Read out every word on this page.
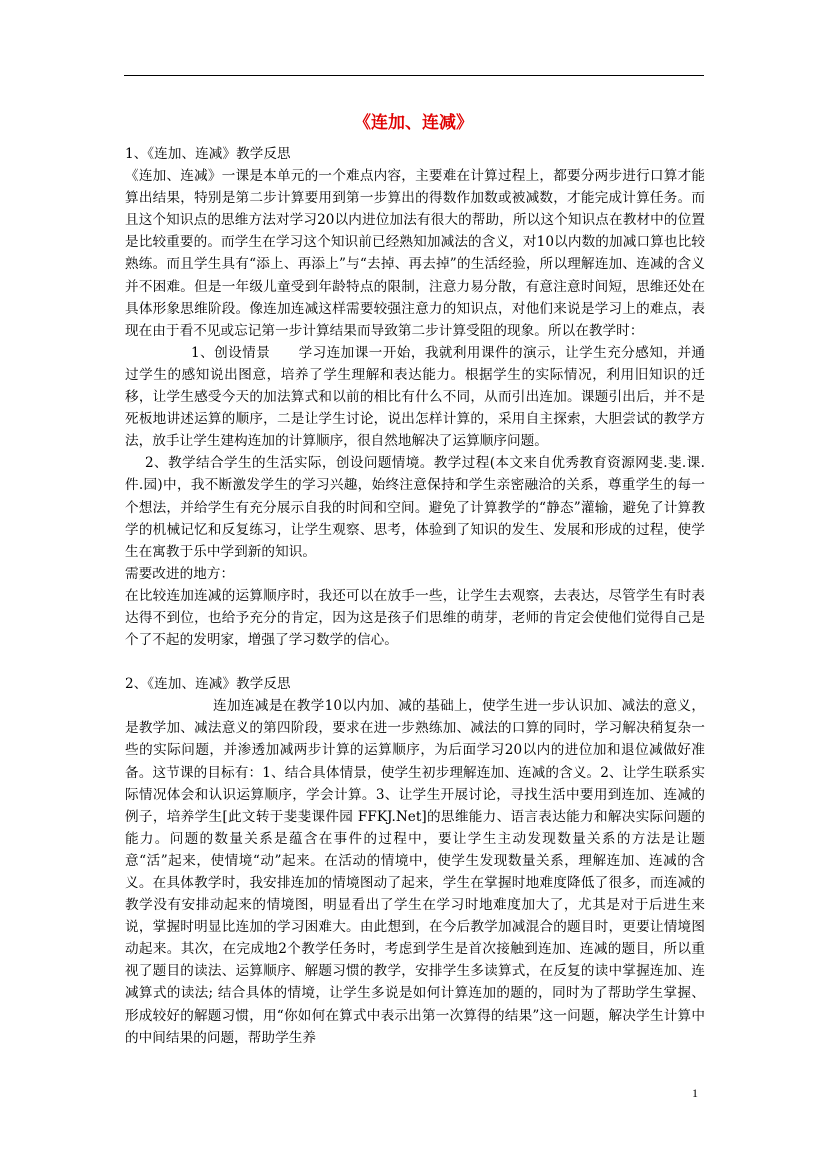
《连加、连减》

1、《连加、连减》教学反思

《连加、连减》一课是本单元的一个难点内容，主要难在计算过程上，都要分两步进行口算才能算出结果，特别是第二步计算要用到第一步算出的得数作加数或被减数，才能完成计算任务。而且这个知识点的思维方法对学习20以内进位加法有很大的帮助，所以这个知识点在教材中的位置是比较重要的。而学生在学习这个知识前已经熟知加减法的含义，对10以内数的加减口算也比较熟练。而且学生具有“添上、再添上”与“去掉、再去掉”的生活经验，所以理解连加、连减的含义并不困难。但是一年级儿童受到年龄特点的限制，注意力易分散，有意注意时间短，思维还处在具体形象思维阶段。像连加连减这样需要较强注意力的知识点，对他们来说是学习上的难点，表现在由于看不见或忘记第一步计算结果而导致第二步计算受阻的现象。所以在教学时：

1、创设情景 学习连加课一开始，我就利用课件的演示，让学生充分感知，并通过学生的感知说出图意，培养了学生理解和表达能力。根据学生的实际情况，利用旧知识的迁移，让学生感受今天的加法算式和以前的相比有什么不同，从而引出连加。课题引出后，并不是死板地讲述运算的顺序，二是让学生讨论，说出怎样计算的，采用自主探索，大胆尝试的教学方法，放手让学生建构连加的计算顺序，很自然地解决了运算顺序问题。

2、教学结合学生的生活实际，创设问题情境。教学过程(本文来自优秀教育资源网斐.斐.课.件.园)中，我不断激发学生的学习兴趣，始终注意保持和学生亲密融洽的关系，尊重学生的每一个想法，并给学生有充分展示自我的时间和空间。避免了计算教学的“静态”灌输，避免了计算教学的机械记忆和反复练习，让学生观察、思考，体验到了知识的发生、发展和形成的过程，使学生在寓教于乐中学到新的知识。

需要改进的地方：

在比较连加连减的运算顺序时，我还可以在放手一些，让学生去观察，去表达，尽管学生有时表达得不到位，也给予充分的肯定，因为这是孩子们思维的萌芽，老师的肯定会使他们觉得自己是个了不起的发明家，增强了学习数学的信心。

2、《连加、连减》教学反思

连加连减是在教学10以内加、减的基础上，使学生进一步认识加、减法的意义，是教学加、减法意义的第四阶段，要求在进一步熟练加、减法的口算的同时，学习解决稍复杂一些的实际问题，并渗透加减两步计算的运算顺序，为后面学习20以内的进位加和退位减做好准备。这节课的目标有：1、结合具体情景，使学生初步理解连加、连减的含义。2、让学生联系实际情况体会和认识运算顺序，学会计算。3、让学生开展讨论，寻找生活中要用到连加、连减的例子，培养学生[此文转于斐斐课件园 FFKJ.Net]的思维能力、语言表达能力和解决实际问题的能力。问题的数量关系是蕴含在事件的过程中，要让学生主动发现数量关系的方法是让题意“活”起来，使情境“动”起来。在活动的情境中，使学生发现数量关系，理解连加、连减的含义。在具体教学时，我安排连加的情境图动了起来，学生在掌握时地难度降低了很多，而连减的教学没有安排动起来的情境图，明显看出了学生在学习时地难度加大了，尤其是对于后进生来说，掌握时明显比连加的学习困难大。由此想到，在今后教学加减混合的题目时，更要让情境图动起来。其次，在完成地2个教学任务时，考虑到学生是首次接触到连加、连减的题目，所以重视了题目的读法、运算顺序、解题习惯的教学，安排学生多读算式，在反复的读中掌握连加、连减算式的读法; 结合具体的情境，让学生多说是如何计算连加的题的，同时为了帮助学生掌握、形成较好的解题习惯，用“你如何在算式中表示出第一次算得的结果”这一问题，解决学生计算中的中间结果的问题，帮助学生养

1
